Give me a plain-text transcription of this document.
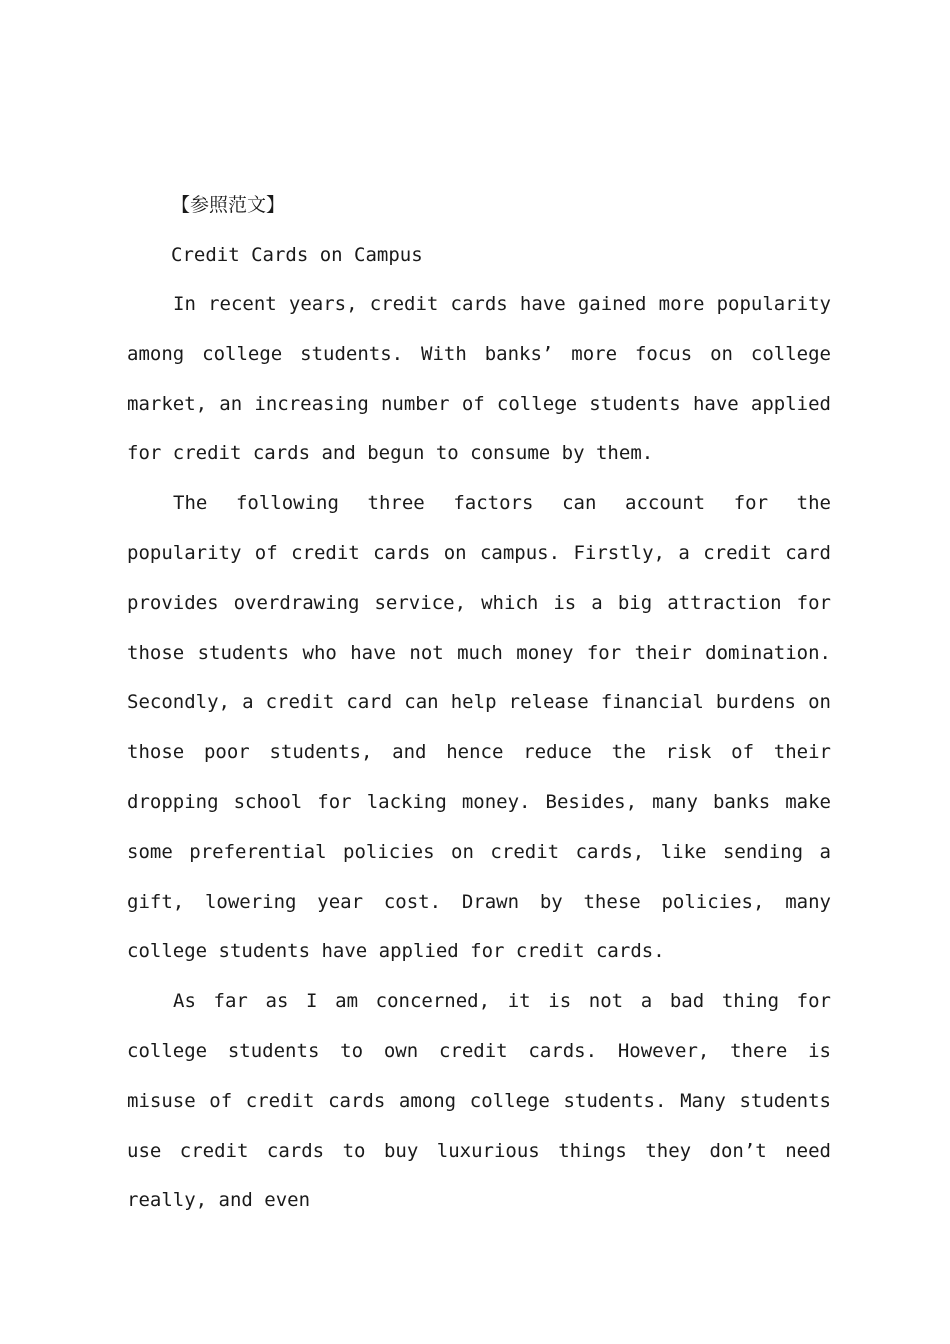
【参照范文】
Credit Cards on Campus

In recent years, credit cards have gained more popularity among college students. With banks’ more focus on college market, an increasing number of college students have applied for credit cards and begun to consume by them.

The following three factors can account for the popularity of credit cards on campus. Firstly, a credit card provides overdrawing service, which is a big attraction for those students who have not much money for their domination. Secondly, a credit card can help release financial burdens on those poor students, and hence reduce the risk of their dropping school for lacking money. Besides, many banks make some preferential policies on credit cards, like sending a gift, lowering year cost. Drawn by these policies, many college students have applied for credit cards.

As far as I am concerned, it is not a bad thing for college students to own credit cards. However, there is misuse of credit cards among college students. Many students use credit cards to buy luxurious things they don’t need really, and even
